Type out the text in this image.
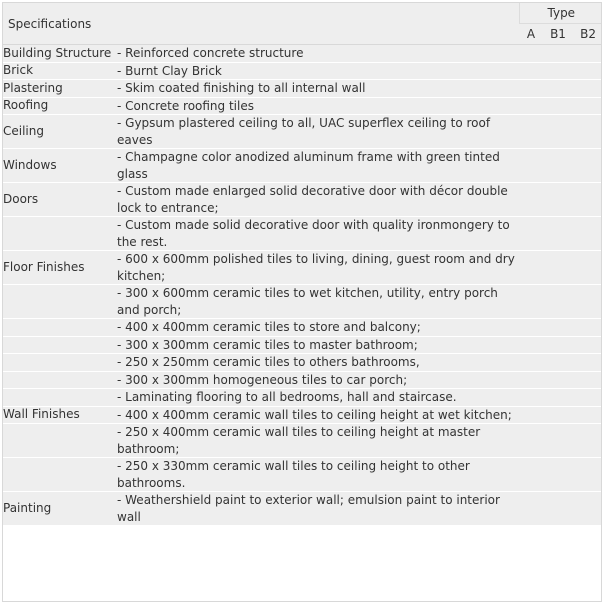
Specifications		Type		
		A	B1	B2
Building Structure	- Reinforced concrete structure			
Brick	- Burnt Clay Brick			
Plastering	- Skim coated finishing to all internal wall			
Roofing	- Concrete roofing tiles			
Ceiling	- Gypsum plastered ceiling to all, UAC superflex ceiling to roof eaves			
Windows	- Champagne color anodized aluminum frame with green tinted glass			
Doors	- Custom made enlarged solid decorative door with décor double lock to entrance;			
	- Custom made solid decorative door with quality ironmongery to the rest.			
Floor Finishes	- 600 x 600mm polished tiles to living, dining, guest room and dry kitchen;			
	- 300 x 600mm ceramic tiles to wet kitchen, utility, entry porch and porch;			
	- 400 x 400mm ceramic tiles to store and balcony;			
	- 300 x 300mm ceramic tiles to master bathroom;			
	- 250 x 250mm ceramic tiles to others bathrooms,			
	- 300 x 300mm homogeneous tiles to car porch;			
	- Laminating flooring to all bedrooms, hall and staircase.			
Wall Finishes	- 400 x 400mm ceramic wall tiles to ceiling height at wet kitchen;			
	- 250 x 400mm ceramic wall tiles to ceiling height at master bathroom;			
	- 250 x 330mm ceramic wall tiles to ceiling height to other bathrooms.			
Painting	- Weathershield paint to exterior wall; emulsion paint to interior wall			
